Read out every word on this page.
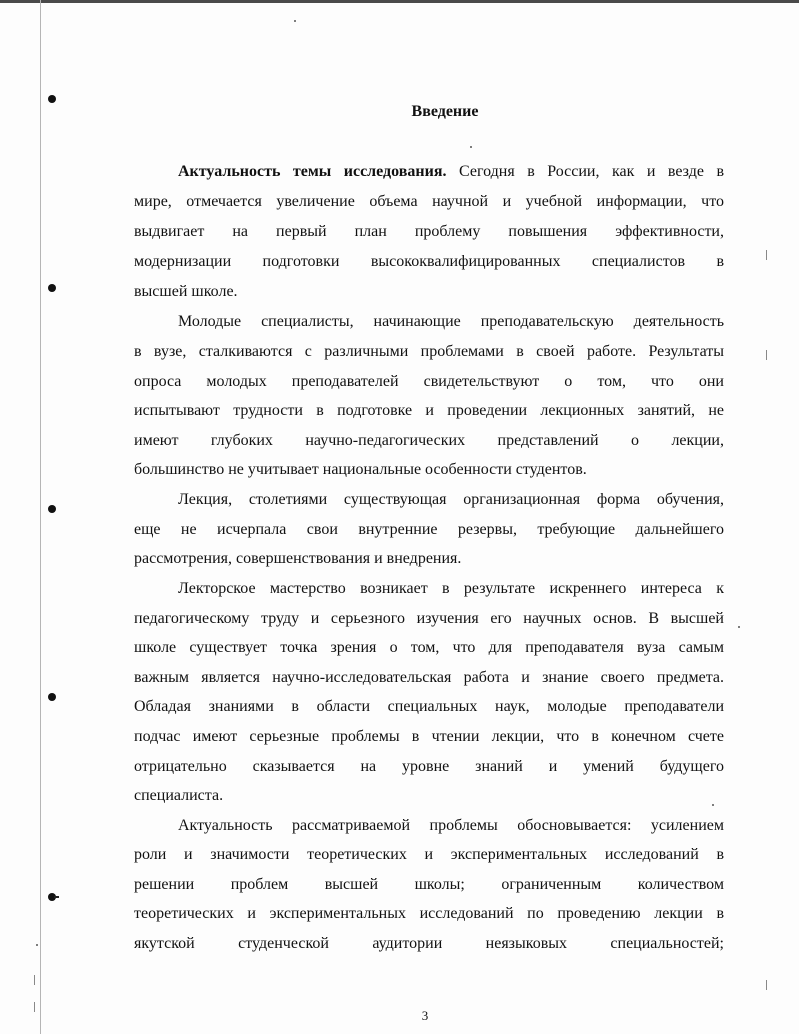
Введение
Актуальность темы исследования. Сегодня в России, как и везде в
мире, отмечается увеличение объема научной и учебной информации, что
выдвигает на первый план проблему повышения эффективности,
модернизации подготовки высококвалифицированных специалистов в
высшей школе.
Молодые специалисты, начинающие преподавательскую деятельность
в вузе, сталкиваются с различными проблемами в своей работе. Результаты
опроса молодых преподавателей свидетельствуют о том, что они
испытывают трудности в подготовке и проведении лекционных занятий, не
имеют глубоких научно-педагогических представлений о лекции,
большинство не учитывает национальные особенности студентов.
Лекция, столетиями существующая организационная форма обучения,
еще не исчерпала свои внутренние резервы, требующие дальнейшего
рассмотрения, совершенствования и внедрения.
Лекторское мастерство возникает в результате искреннего интереса к
педагогическому труду и серьезного изучения его научных основ. В высшей
школе существует точка зрения о том, что для преподавателя вуза самым
важным является научно-исследовательская работа и знание своего предмета.
Обладая знаниями в области специальных наук, молодые преподаватели
подчас имеют серьезные проблемы в чтении лекции, что в конечном счете
отрицательно сказывается на уровне знаний и умений будущего
специалиста.
Актуальность рассматриваемой проблемы обосновывается: усилением
роли и значимости теоретических и экспериментальных исследований в
решении проблем высшей школы; ограниченным количеством
теоретических и экспериментальных исследований по проведению лекции в
якутской студенческой аудитории неязыковых специальностей;
3
